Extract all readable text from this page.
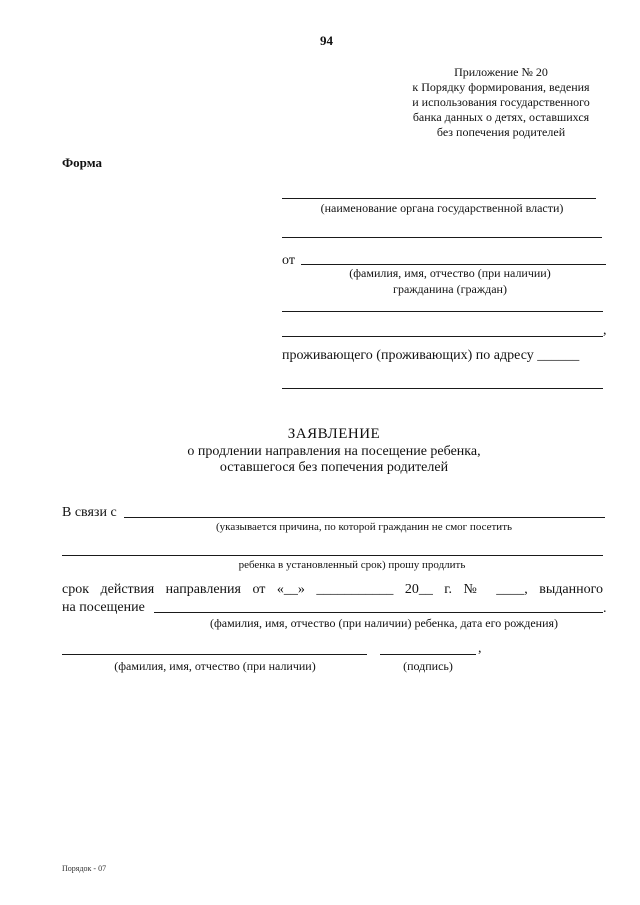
94
Приложение № 20
к Порядку формирования, ведения
и использования государственного
банка данных о детях, оставшихся
без попечения родителей
Форма
(наименование органа государственной власти)
от
(фамилия, имя, отчество (при наличии)
гражданина (граждан)
,
проживающего (проживающих) по адресу ______
ЗАЯВЛЕНИЕ
о продлении направления на посещение ребенка,
оставшегося без попечения родителей
В связи с
(указывается причина, по которой гражданин не смог посетить
ребенка в установленный срок) прошу продлить
срок действия направления от «__» ___________ 20__ г. № ____, выданного
на посещение	.
(фамилия, имя, отчество (при наличии) ребенка, дата его рождения)
,
(фамилия, имя, отчество (при наличии)	(подпись)
Порядок - 07
